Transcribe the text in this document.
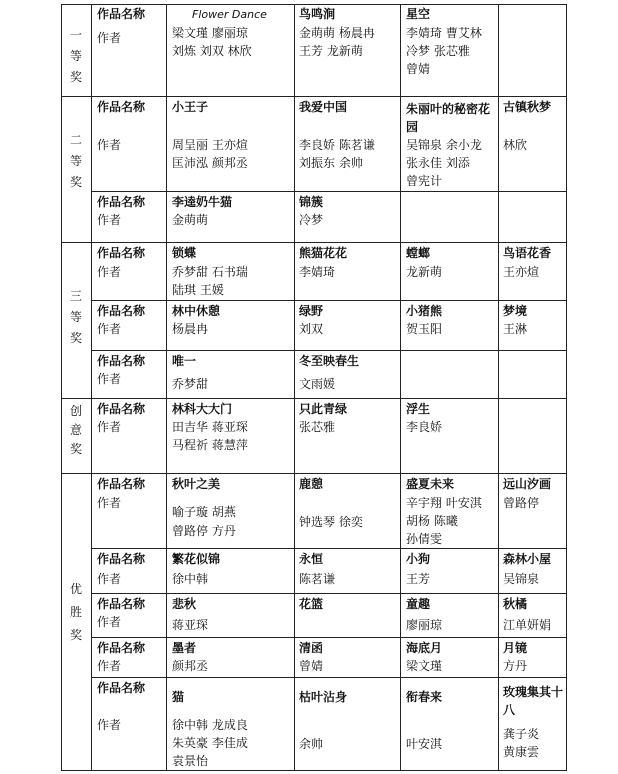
一
等
奖
二
等
奖
三
等
奖
创
意
奖
优
胜
奖
作品名称
作者
作品名称
作者
作品名称
作者
作品名称
作者
作品名称
作者
作品名称
作者
作品名称
作者
作品名称
作者
作品名称
作者
作品名称
作者
作品名称
作者
作品名称
作者
Flower Dance
梁文瑾 廖丽琼
刘炼 刘双 林欣
鸟鸣涧
金萌萌 杨晨冉
王芳 龙新萌
星空
李婧琦 曹艾林
冷梦 张芯雅
曾婧
小王子
周呈丽 王亦煊
匡沛泓 颜邦丞
我爱中国
李良娇 陈茗谦
刘振东 余帅
朱丽叶的秘密花园
吴锦泉 余小龙
张永佳 刘添
曾宪计
古镇秋梦
林欣
李逵奶牛猫
金萌萌
锦簇
冷梦
锁蝶
乔梦甜 石书瑞
陆琪 王媛
熊猫花花
李婧琦
螳螂
龙新萌
鸟语花香
王亦煊
林中休憩
杨晨冉
绿野
刘双
小猪熊
贺玉阳
梦境
王淋
唯一
乔梦甜
冬至映春生
文雨媛
林科大大门
田吉华 蒋亚琛
马程祈 蒋慧萍
只此青绿
张芯雅
浮生
李良娇
秋叶之美
喻子璇 胡燕
曾路停 方丹
鹿憩
钟选琴 徐奕
盛夏未来
辛宇翔 叶安淇
胡杨 陈曦
孙倩雯
远山汐画
曾路停
繁花似锦
徐中韩
永恒
陈茗谦
小狗
王芳
森林小屋
吴锦泉
悲秋
蒋亚琛
花篮	童趣
廖丽琼
秋橘
江单妍娟
墨者
颜邦丞
清函
曾婧
海底月
梁文瑾
月镜
方丹
猫
徐中韩 龙成良
朱英豪 李佳成
袁景怡
枯叶沾身
余帅
衔春来
叶安淇
玫瑰集其十八
龚子炎
黄康雲
